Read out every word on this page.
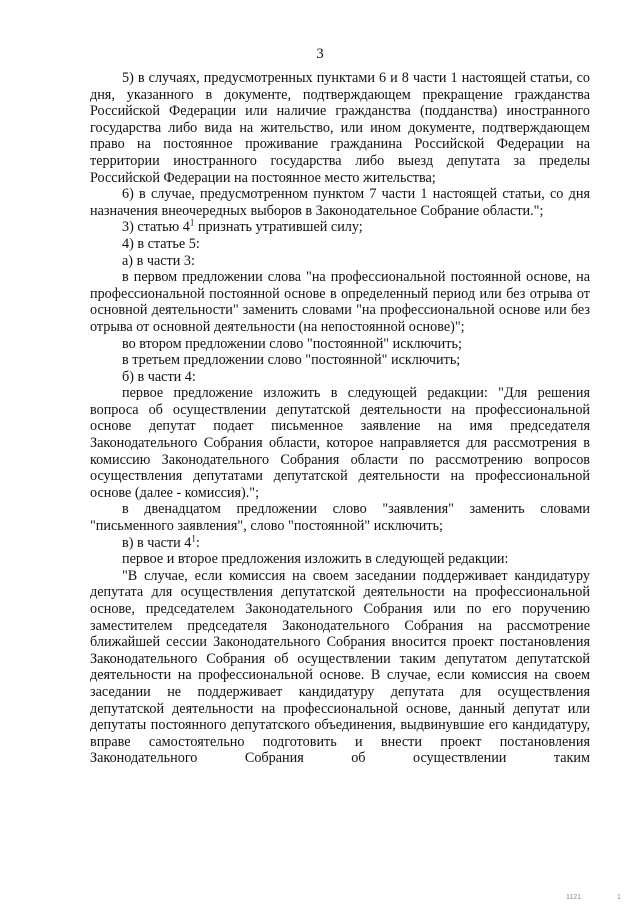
3

5) в случаях, предусмотренных пунктами 6 и 8 части 1 настоящей статьи, со дня, указанного в документе, подтверждающем прекращение гражданства Российской Федерации или наличие гражданства (подданства) иностранного государства либо вида на жительство, или ином документе, подтверждающем право на постоянное проживание гражданина Российской Федерации на территории иностранного государства либо выезд депутата за пределы Российской Федерации на постоянное место жительства;

6) в случае, предусмотренном пунктом 7 части 1 настоящей статьи, со дня назначения внеочередных выборов в Законодательное Собрание области.";

3) статью $4^1$ признать утратившей силу;

4) в статье 5:

а) в части 3:

в первом предложении слова "на профессиональной постоянной основе, на профессиональной постоянной основе в определенный период или без отрыва от основной деятельности" заменить словами "на профессиональной основе или без отрыва от основной деятельности (на непостоянной основе)";

во втором предложении слово "постоянной" исключить;

в третьем предложении слово "постоянной" исключить;

б) в части 4:

первое предложение изложить в следующей редакции: "Для решения вопроса об осуществлении депутатской деятельности на профессиональной основе депутат подает письменное заявление на имя председателя Законодательного Собрания области, которое направляется для рассмотрения в комиссию Законодательного Собрания области по рассмотрению вопросов осуществления депутатами депутатской деятельности на профессиональной основе (далее - комиссия).";

в двенадцатом предложении слово "заявления" заменить словами "письменного заявления", слово "постоянной" исключить;

в) в части $4^1$:

первое и второе предложения изложить в следующей редакции:

"В случае, если комиссия на своем заседании поддерживает кандидатуру депутата для осуществления депутатской деятельности на профессиональной основе, председателем Законодательного Собрания или по его поручению заместителем председателя Законодательного Собрания на рассмотрение ближайшей сессии Законодательного Собрания вносится проект постановления Законодательного Собрания об осуществлении таким депутатом депутатской деятельности на профессиональной основе. В случае, если комиссия на своем заседании не поддерживает кандидатуру депутата для осуществления депутатской деятельности на профессиональной основе, данный депутат или депутаты постоянного депутатского объединения, выдвинувшие его кандидатуру, вправе самостоятельно подготовить и внести проект постановления Законодательного Собрания об осуществлении таким

1121	1
